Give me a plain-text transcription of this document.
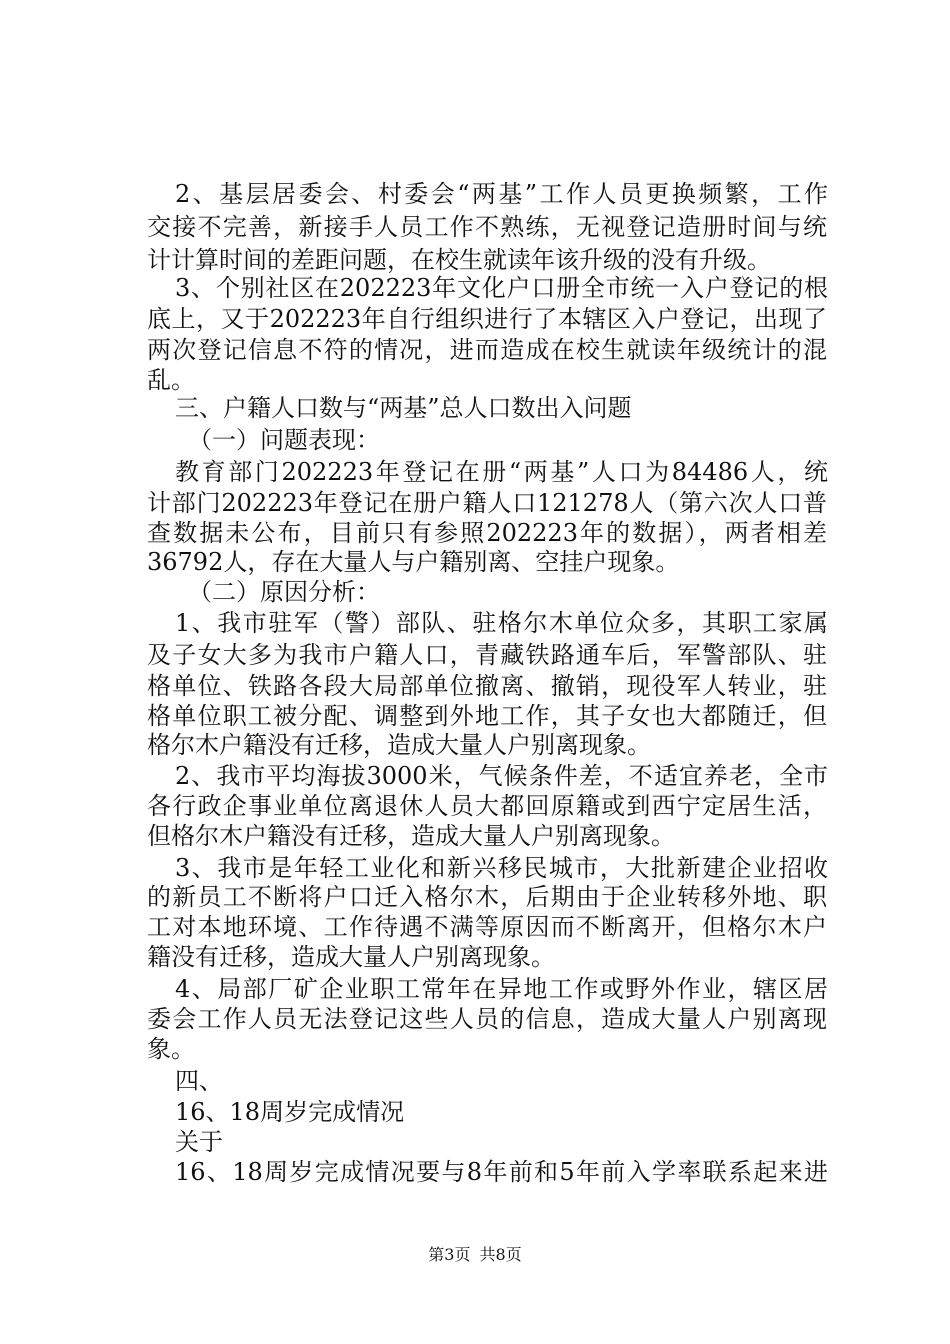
2、基层居委会、村委会“两基”工作人员更换频繁，工作
交接不完善，新接手人员工作不熟练，无视登记造册时间与统
计计算时间的差距问题，在校生就读年该升级的没有升级。
3、个别社区在202223年文化户口册全市统一入户登记的根
底上，又于202223年自行组织进行了本辖区入户登记，出现了
两次登记信息不符的情况，进而造成在校生就读年级统计的混
乱。
三、户籍人口数与“两基”总人口数出入问题
（一）问题表现：
教育部门202223年登记在册“两基”人口为84486人，统
计部门202223年登记在册户籍人口121278人（第六次人口普
查数据未公布，目前只有参照202223年的数据），两者相差
36792人，存在大量人与户籍别离、空挂户现象。
（二）原因分析：
1、我市驻军（警）部队、驻格尔木单位众多，其职工家属
及子女大多为我市户籍人口，青藏铁路通车后，军警部队、驻
格单位、铁路各段大局部单位撤离、撤销，现役军人转业，驻
格单位职工被分配、调整到外地工作，其子女也大都随迁，但
格尔木户籍没有迁移，造成大量人户别离现象。
2、我市平均海拔3000米，气候条件差，不适宜养老，全市
各行政企事业单位离退休人员大都回原籍或到西宁定居生活，
但格尔木户籍没有迁移，造成大量人户别离现象。
3、我市是年轻工业化和新兴移民城市，大批新建企业招收
的新员工不断将户口迁入格尔木，后期由于企业转移外地、职
工对本地环境、工作待遇不满等原因而不断离开，但格尔木户
籍没有迁移，造成大量人户别离现象。
4、局部厂矿企业职工常年在异地工作或野外作业，辖区居
委会工作人员无法登记这些人员的信息，造成大量人户别离现
象。
四、
16、18周岁完成情况
关于
16、18周岁完成情况要与8年前和5年前入学率联系起来进
第3页 共8页
